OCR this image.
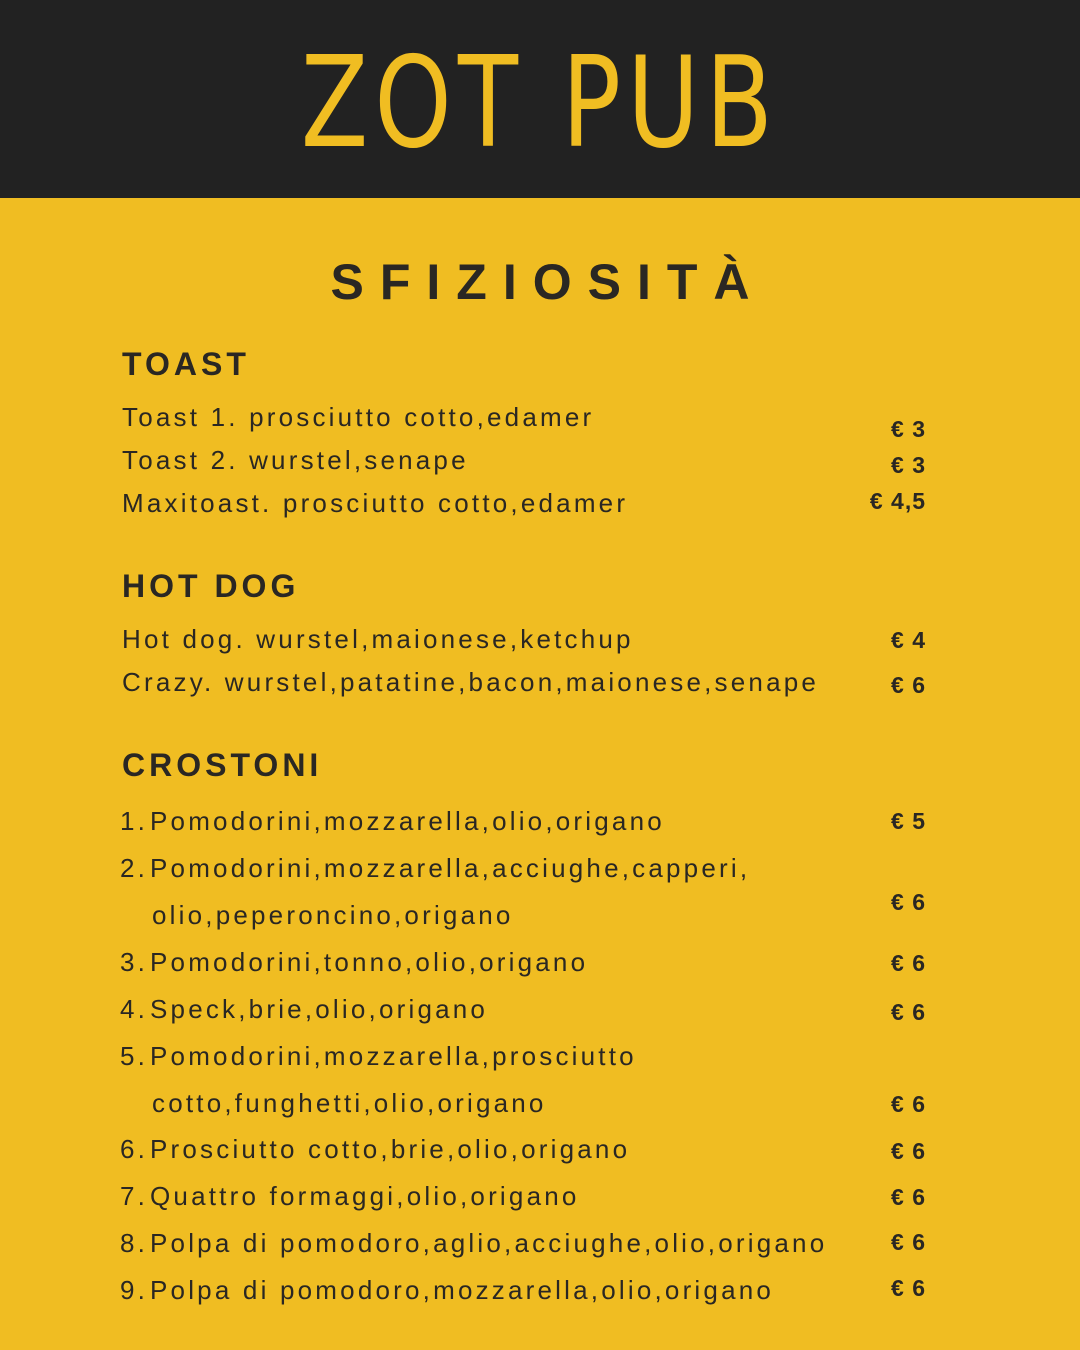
ZOT PUB
SFIZIOSITÀ
TOAST
Toast 1. prosciutto cotto,edamer	€ 3
Toast 2. wurstel,senape	€ 3
Maxitoast. prosciutto cotto,edamer	€ 4,5
HOT DOG
Hot dog. wurstel,maionese,ketchup	€ 4
Crazy. wurstel,patatine,bacon,maionese,senape	€ 6
CROSTONI
1.Pomodorini,mozzarella,olio,origano	€ 5
2.Pomodorini,mozzarella,acciughe,capperi,
olio,peperoncino,origano	€ 6
3.Pomodorini,tonno,olio,origano	€ 6
4.Speck,brie,olio,origano	€ 6
5.Pomodorini,mozzarella,prosciutto
cotto,funghetti,olio,origano	€ 6
6.Prosciutto cotto,brie,olio,origano	€ 6
7.Quattro formaggi,olio,origano	€ 6
8.Polpa di pomodoro,aglio,acciughe,olio,origano	€ 6
9.Polpa di pomodoro,mozzarella,olio,origano	€ 6
